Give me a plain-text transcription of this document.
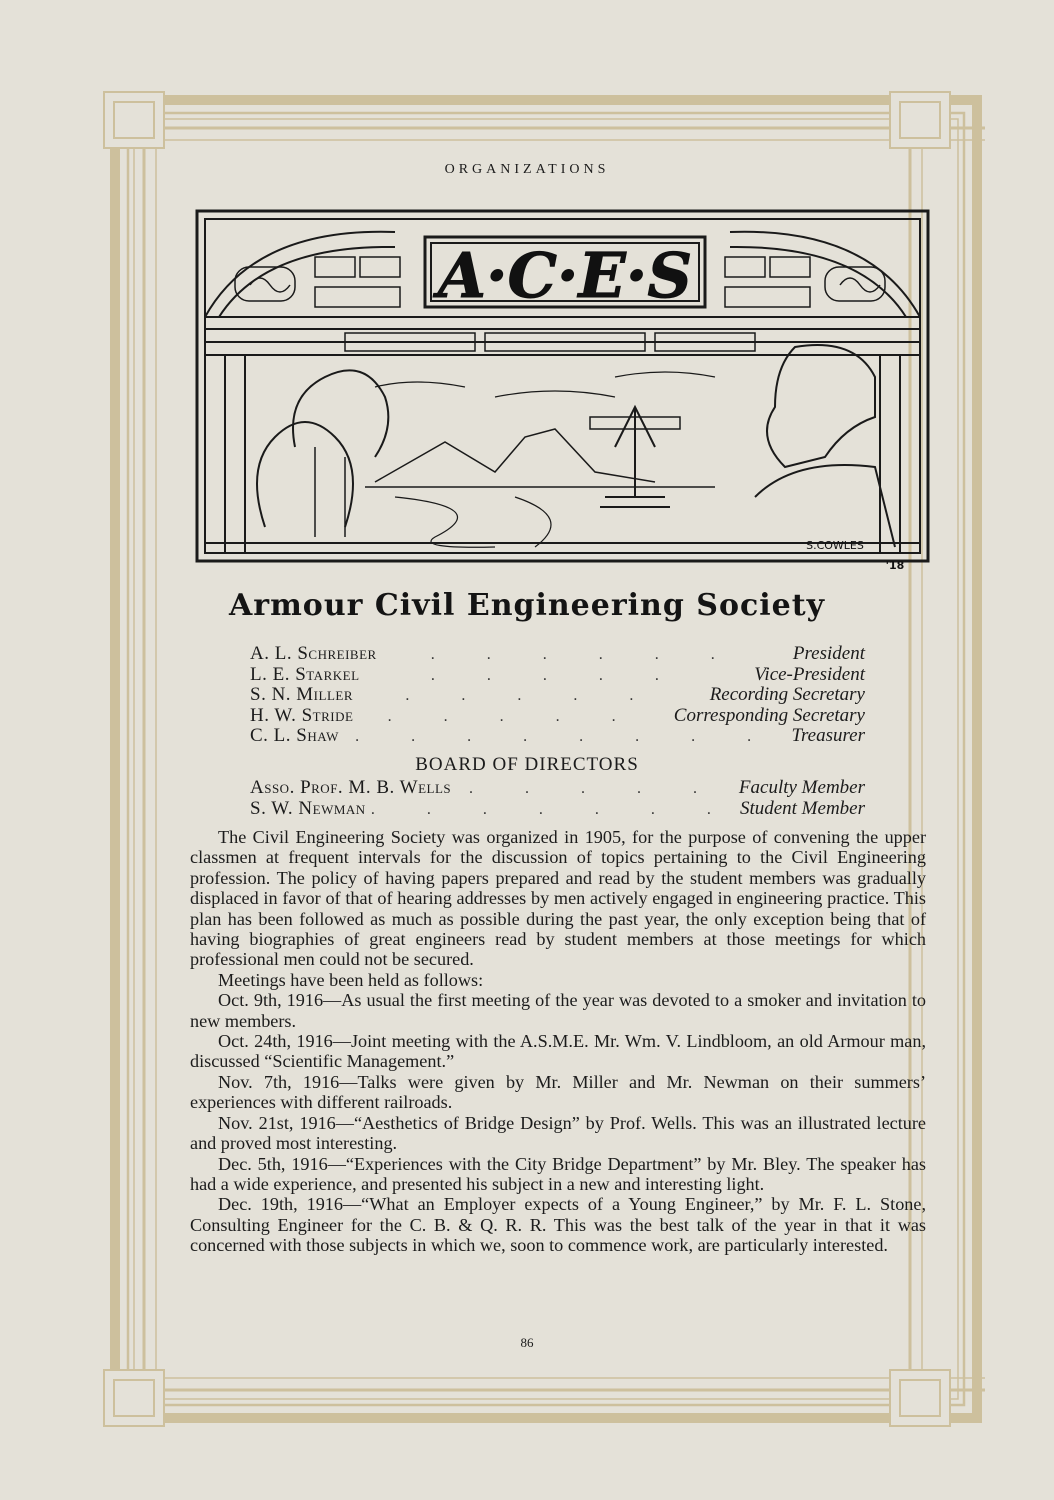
ORGANIZATIONS
A·C·E·S
S.COWLES
'18
Armour Civil Engineering Society
A. L. Schreiber	. . . . . .	President
L. E. Starkel	. . . . .	Vice-President
S. N. Miller	. . . . .	Recording Secretary
H. W. Stride	. . . . .	Corresponding Secretary
C. L. Shaw	. . . . . . . . Treasurer
BOARD OF DIRECTORS
Asso. Prof. M. B. Wells	. . . . . Faculty Member
S. W. Newman . . . . . . . Student Member

The Civil Engineering Society was organized in 1905, for the purpose of convening the upper classmen at frequent intervals for the discussion of topics pertaining to the Civil Engineering profession. The policy of having papers prepared and read by the student members was gradually displaced in favor of that of hearing addresses by men actively engaged in engineering practice. This plan has been followed as much as possible during the past year, the only exception being that of having biographies of great engineers read by student members at those meetings for which professional men could not be secured.

Meetings have been held as follows:

Oct. 9th, 1916—As usual the first meeting of the year was devoted to a smoker and invitation to new members.

Oct. 24th, 1916—Joint meeting with the A.S.M.E. Mr. Wm. V. Lindbloom, an old Armour man, discussed “Scientific Management.”

Nov. 7th, 1916—Talks were given by Mr. Miller and Mr. Newman on their summers’ experiences with different railroads.

Nov. 21st, 1916—“Aesthetics of Bridge Design” by Prof. Wells. This was an illustrated lecture and proved most interesting.

Dec. 5th, 1916—“Experiences with the City Bridge Department” by Mr. Bley. The speaker has had a wide experience, and presented his subject in a new and interesting light.

Dec. 19th, 1916—“What an Employer expects of a Young Engineer,” by Mr. F. L. Stone, Consulting Engineer for the C. B. & Q. R. R. This was the best talk of the year in that it was concerned with those subjects in which we, soon to commence work, are particularly interested.

86
